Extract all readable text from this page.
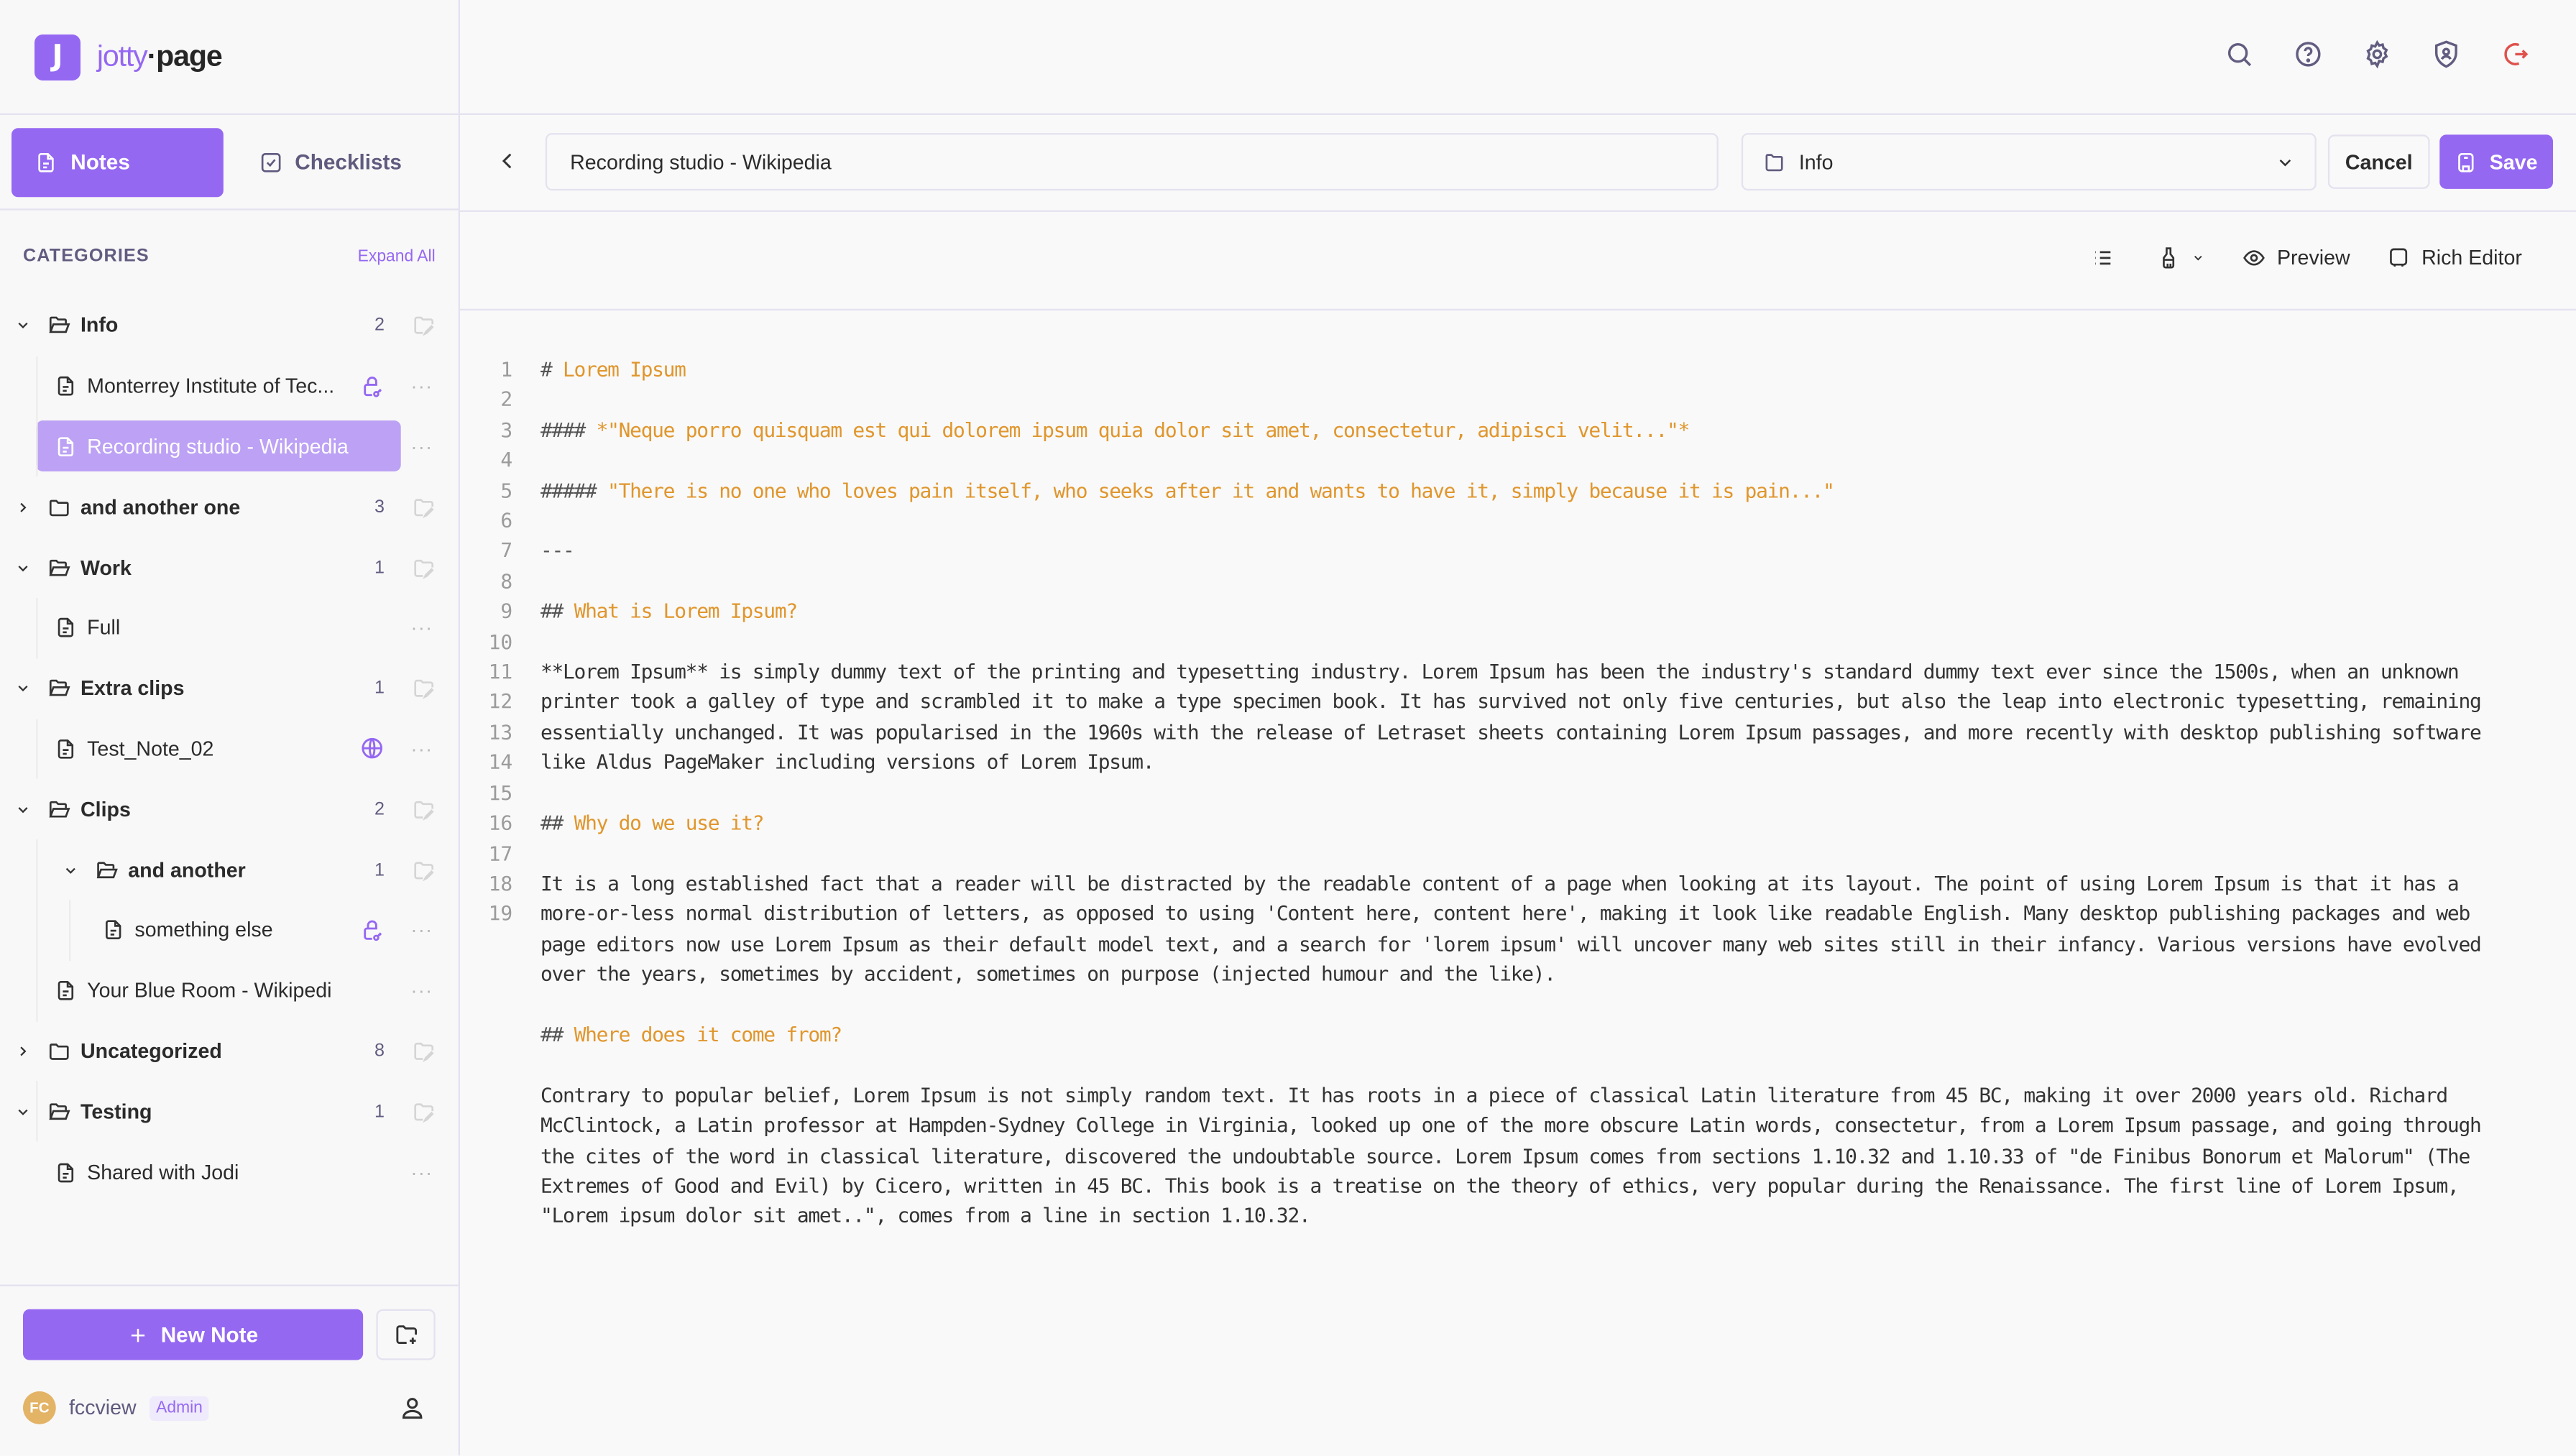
J	jotty·page
Notes	Checklists
CATEGORIES	Expand All
Info	2
Monterrey Institute of Tec...	···
Recording studio - Wikipedia	···
and another one	3
Work	1
Full	···
Extra clips	1
Test_Note_02	···
Clips	2
and another	1
something else	···
Your Blue Room - Wikipedi	···
Uncategorized	8
Testing	1
Shared with Jodi	···
New Note
FC	fccview	Admin
Recording studio - Wikipedia
Info	Cancel	Save
Preview	Rich Editor
1	# Lorem Ipsum
2
3	#### *"Neque porro quisquam est qui dolorem ipsum quia dolor sit amet, consectetur, adipisci velit..."*
4
5	##### "There is no one who loves pain itself, who seeks after it and wants to have it, simply because it is pain..."
6
7	---
8
9	## What is Lorem Ipsum?
10
11	**Lorem Ipsum** is simply dummy text of the printing and typesetting industry. Lorem Ipsum has been the industry's standard dummy text ever since the 1500s, when an unknown
12	printer took a galley of type and scrambled it to make a type specimen book. It has survived not only five centuries, but also the leap into electronic typesetting, remaining
13	essentially unchanged. It was popularised in the 1960s with the release of Letraset sheets containing Lorem Ipsum passages, and more recently with desktop publishing software
14	like Aldus PageMaker including versions of Lorem Ipsum.
15
16	## Why do we use it?
17
18	It is a long established fact that a reader will be distracted by the readable content of a page when looking at its layout. The point of using Lorem Ipsum is that it has a
19	more-or-less normal distribution of letters, as opposed to using 'Content here, content here', making it look like readable English. Many desktop publishing packages and web
page editors now use Lorem Ipsum as their default model text, and a search for 'lorem ipsum' will uncover many web sites still in their infancy. Various versions have evolved
over the years, sometimes by accident, sometimes on purpose (injected humour and the like).
## Where does it come from?
Contrary to popular belief, Lorem Ipsum is not simply random text. It has roots in a piece of classical Latin literature from 45 BC, making it over 2000 years old. Richard
McClintock, a Latin professor at Hampden-Sydney College in Virginia, looked up one of the more obscure Latin words, consectetur, from a Lorem Ipsum passage, and going through
the cites of the word in classical literature, discovered the undoubtable source. Lorem Ipsum comes from sections 1.10.32 and 1.10.33 of "de Finibus Bonorum et Malorum" (The
Extremes of Good and Evil) by Cicero, written in 45 BC. This book is a treatise on the theory of ethics, very popular during the Renaissance. The first line of Lorem Ipsum,
"Lorem ipsum dolor sit amet..", comes from a line in section 1.10.32.
